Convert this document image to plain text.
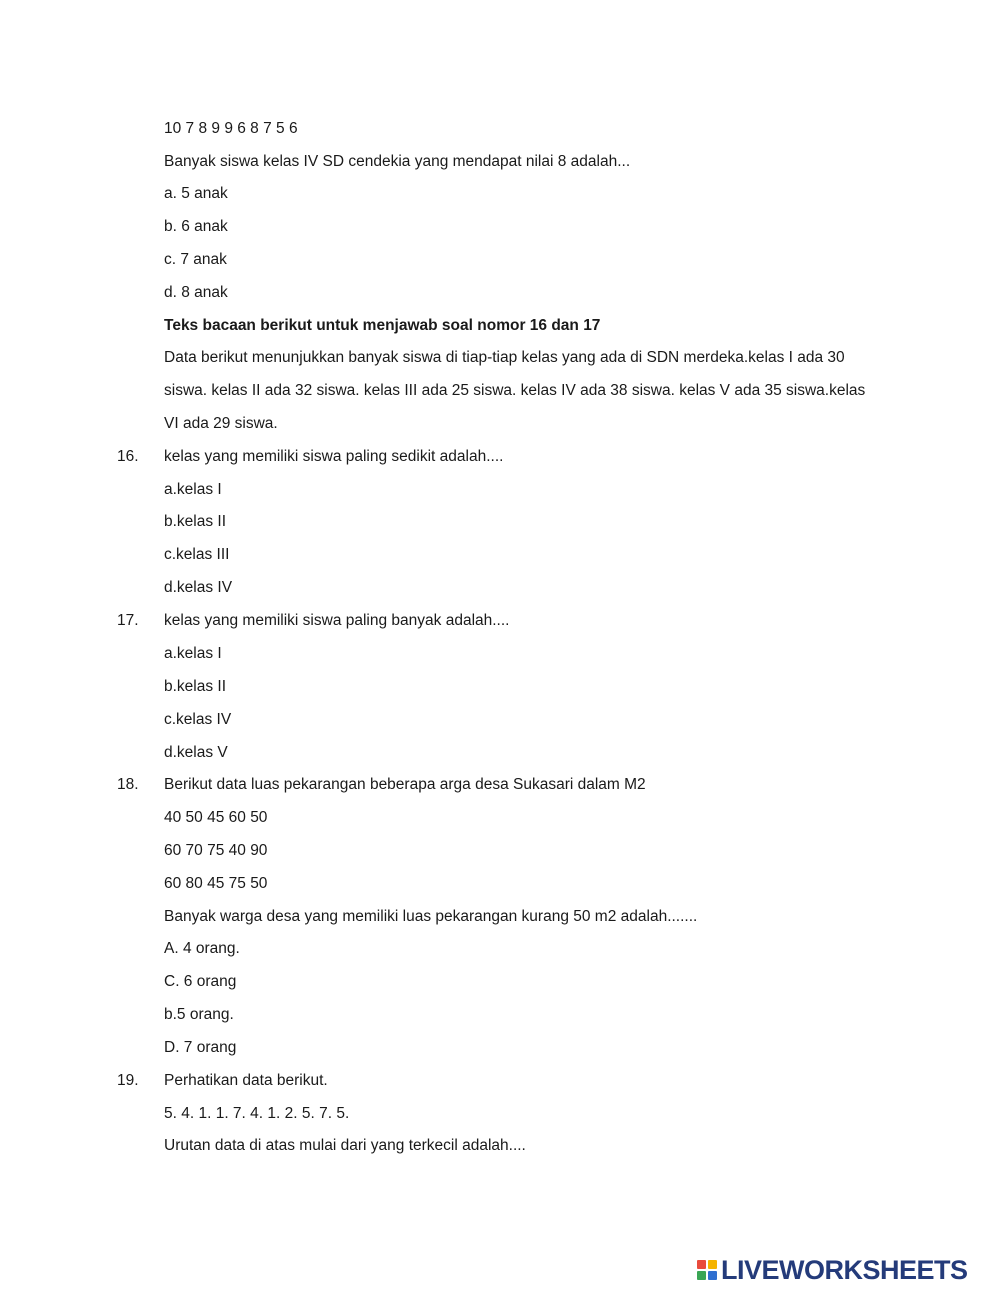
10 7 8 9 9 6 8 7 5 6
Banyak siswa kelas IV SD cendekia yang mendapat nilai 8 adalah...
a. 5 anak
b. 6 anak
c. 7 anak
d. 8 anak
Teks bacaan berikut untuk menjawab soal nomor 16 dan 17
Data berikut menunjukkan banyak siswa di tiap-tiap kelas yang ada di SDN merdeka.kelas I ada 30
siswa. kelas II ada 32 siswa. kelas III ada 25 siswa. kelas IV ada 38 siswa. kelas V ada 35 siswa.kelas
VI ada 29 siswa.
16. kelas yang memiliki siswa paling sedikit adalah....
a.kelas I
b.kelas II
c.kelas III
d.kelas IV
17. kelas yang memiliki siswa paling banyak adalah....
a.kelas I
b.kelas II
c.kelas IV
d.kelas V
18. Berikut data luas pekarangan beberapa arga desa Sukasari dalam M2
40 50 45 60 50
60 70 75 40 90
60 80 45 75 50
Banyak warga desa yang memiliki luas pekarangan kurang 50 m2 adalah.......
A. 4 orang.
C. 6 orang
b.5 orang.
D. 7 orang
19. Perhatikan data berikut.
5. 4. 1. 1. 7. 4. 1. 2. 5. 7. 5.
Urutan data di atas mulai dari yang terkecil adalah....
LIVEWORKSHEETS
